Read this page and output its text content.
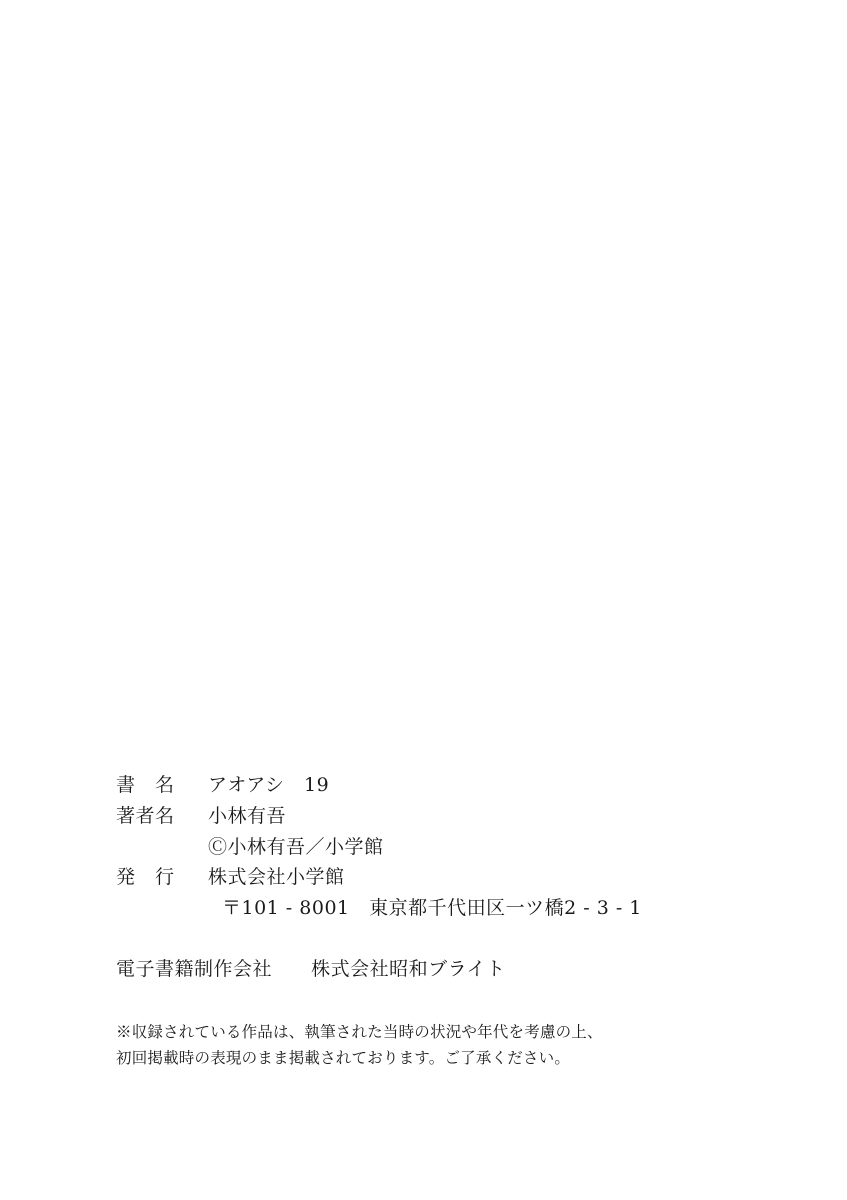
書　名	アオアシ　19
著者名	小林有吾
Ⓒ小林有吾／小学館
発　行	株式会社小学館
〒101 - 8001　東京都千代田区一ツ橋2 - 3 - 1
電子書籍制作会社 株式会社昭和ブライト
※収録されている作品は、執筆された当時の状況や年代を考慮の上、
初回掲載時の表現のまま掲載されております。ご了承ください。
